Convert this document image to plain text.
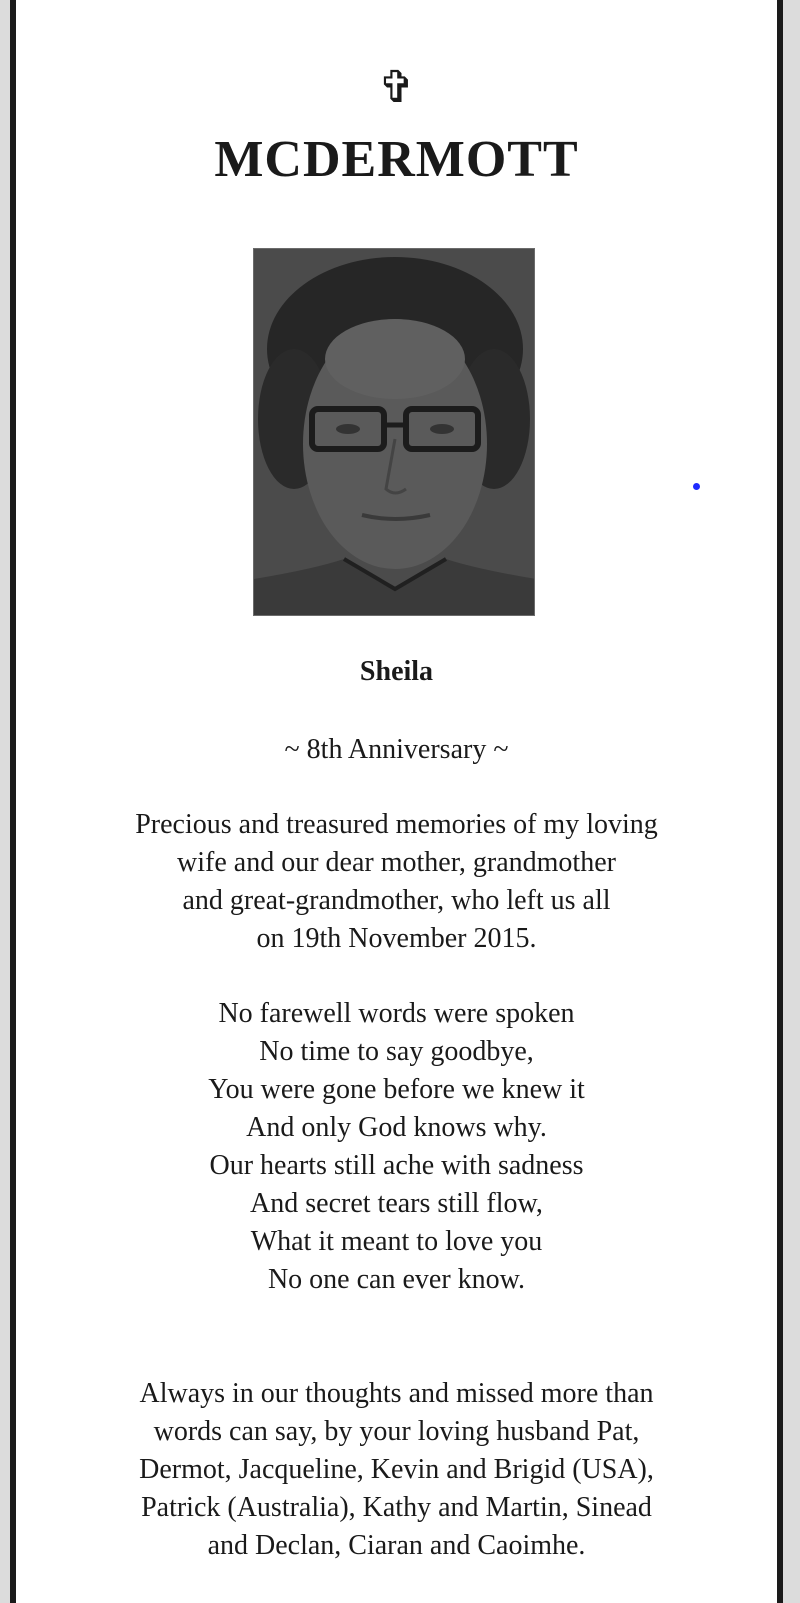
✞
MCDERMOTT
Sheila
~ 8th Anniversary ~
Precious and treasured memories of my loving
wife and our dear mother, grandmother
and great-grandmother, who left us all
on 19th November 2015.
No farewell words were spoken
No time to say goodbye,
You were gone before we knew it
And only God knows why.
Our hearts still ache with sadness
And secret tears still flow,
What it meant to love you
No one can ever know.
Always in our thoughts and missed more than
words can say, by your loving husband Pat,
Dermot, Jacqueline, Kevin and Brigid (USA),
Patrick (Australia), Kathy and Martin, Sinead
and Declan, Ciaran and Caoimhe.
